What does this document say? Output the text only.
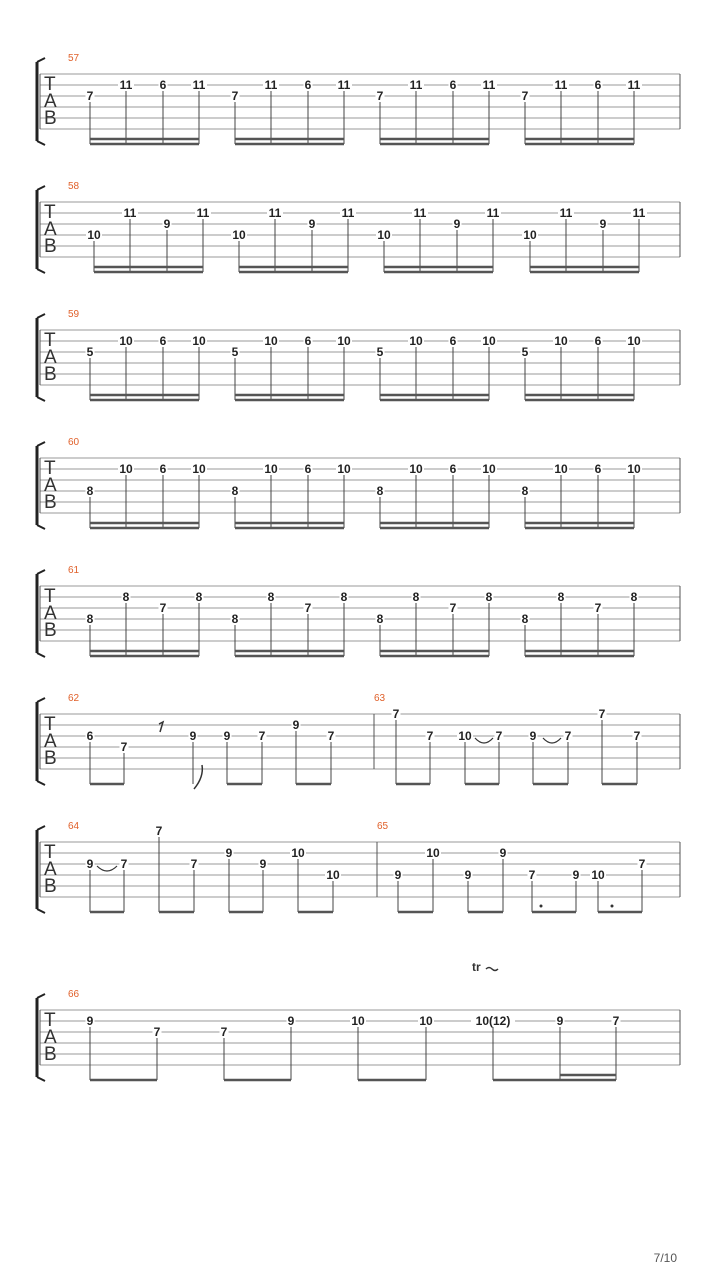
T
A
B
57
7
11 6 11
7
11 6 11
7
11 6 11
7
11 6 11
T
A
B
58
10
11
9
11
10
11
9
11
10
11
9
11
10
11
9
11
T
A
B
59
5
10 6 10
5
10 6 10
5
10 6 10
5
10 6 10
T
A
B
60
8
10 6 10
8
10 6 10
8
10 6 10
8
10 6 10
T
A
B
61
8
8
7
8
8
8
7
8
8
8
7
8
8
8
7
8
T
A
B
62	63
6
7
9 9 7
9
7
7
7 10 7 9 7
7
7
T
A
B
64	65
9 7
7
7
9
9
10
10	9
10
9
9
7	9 10
7
T
A
B
66
9
7	7
9	10	10	10(12)	9	7
tr
7/10
